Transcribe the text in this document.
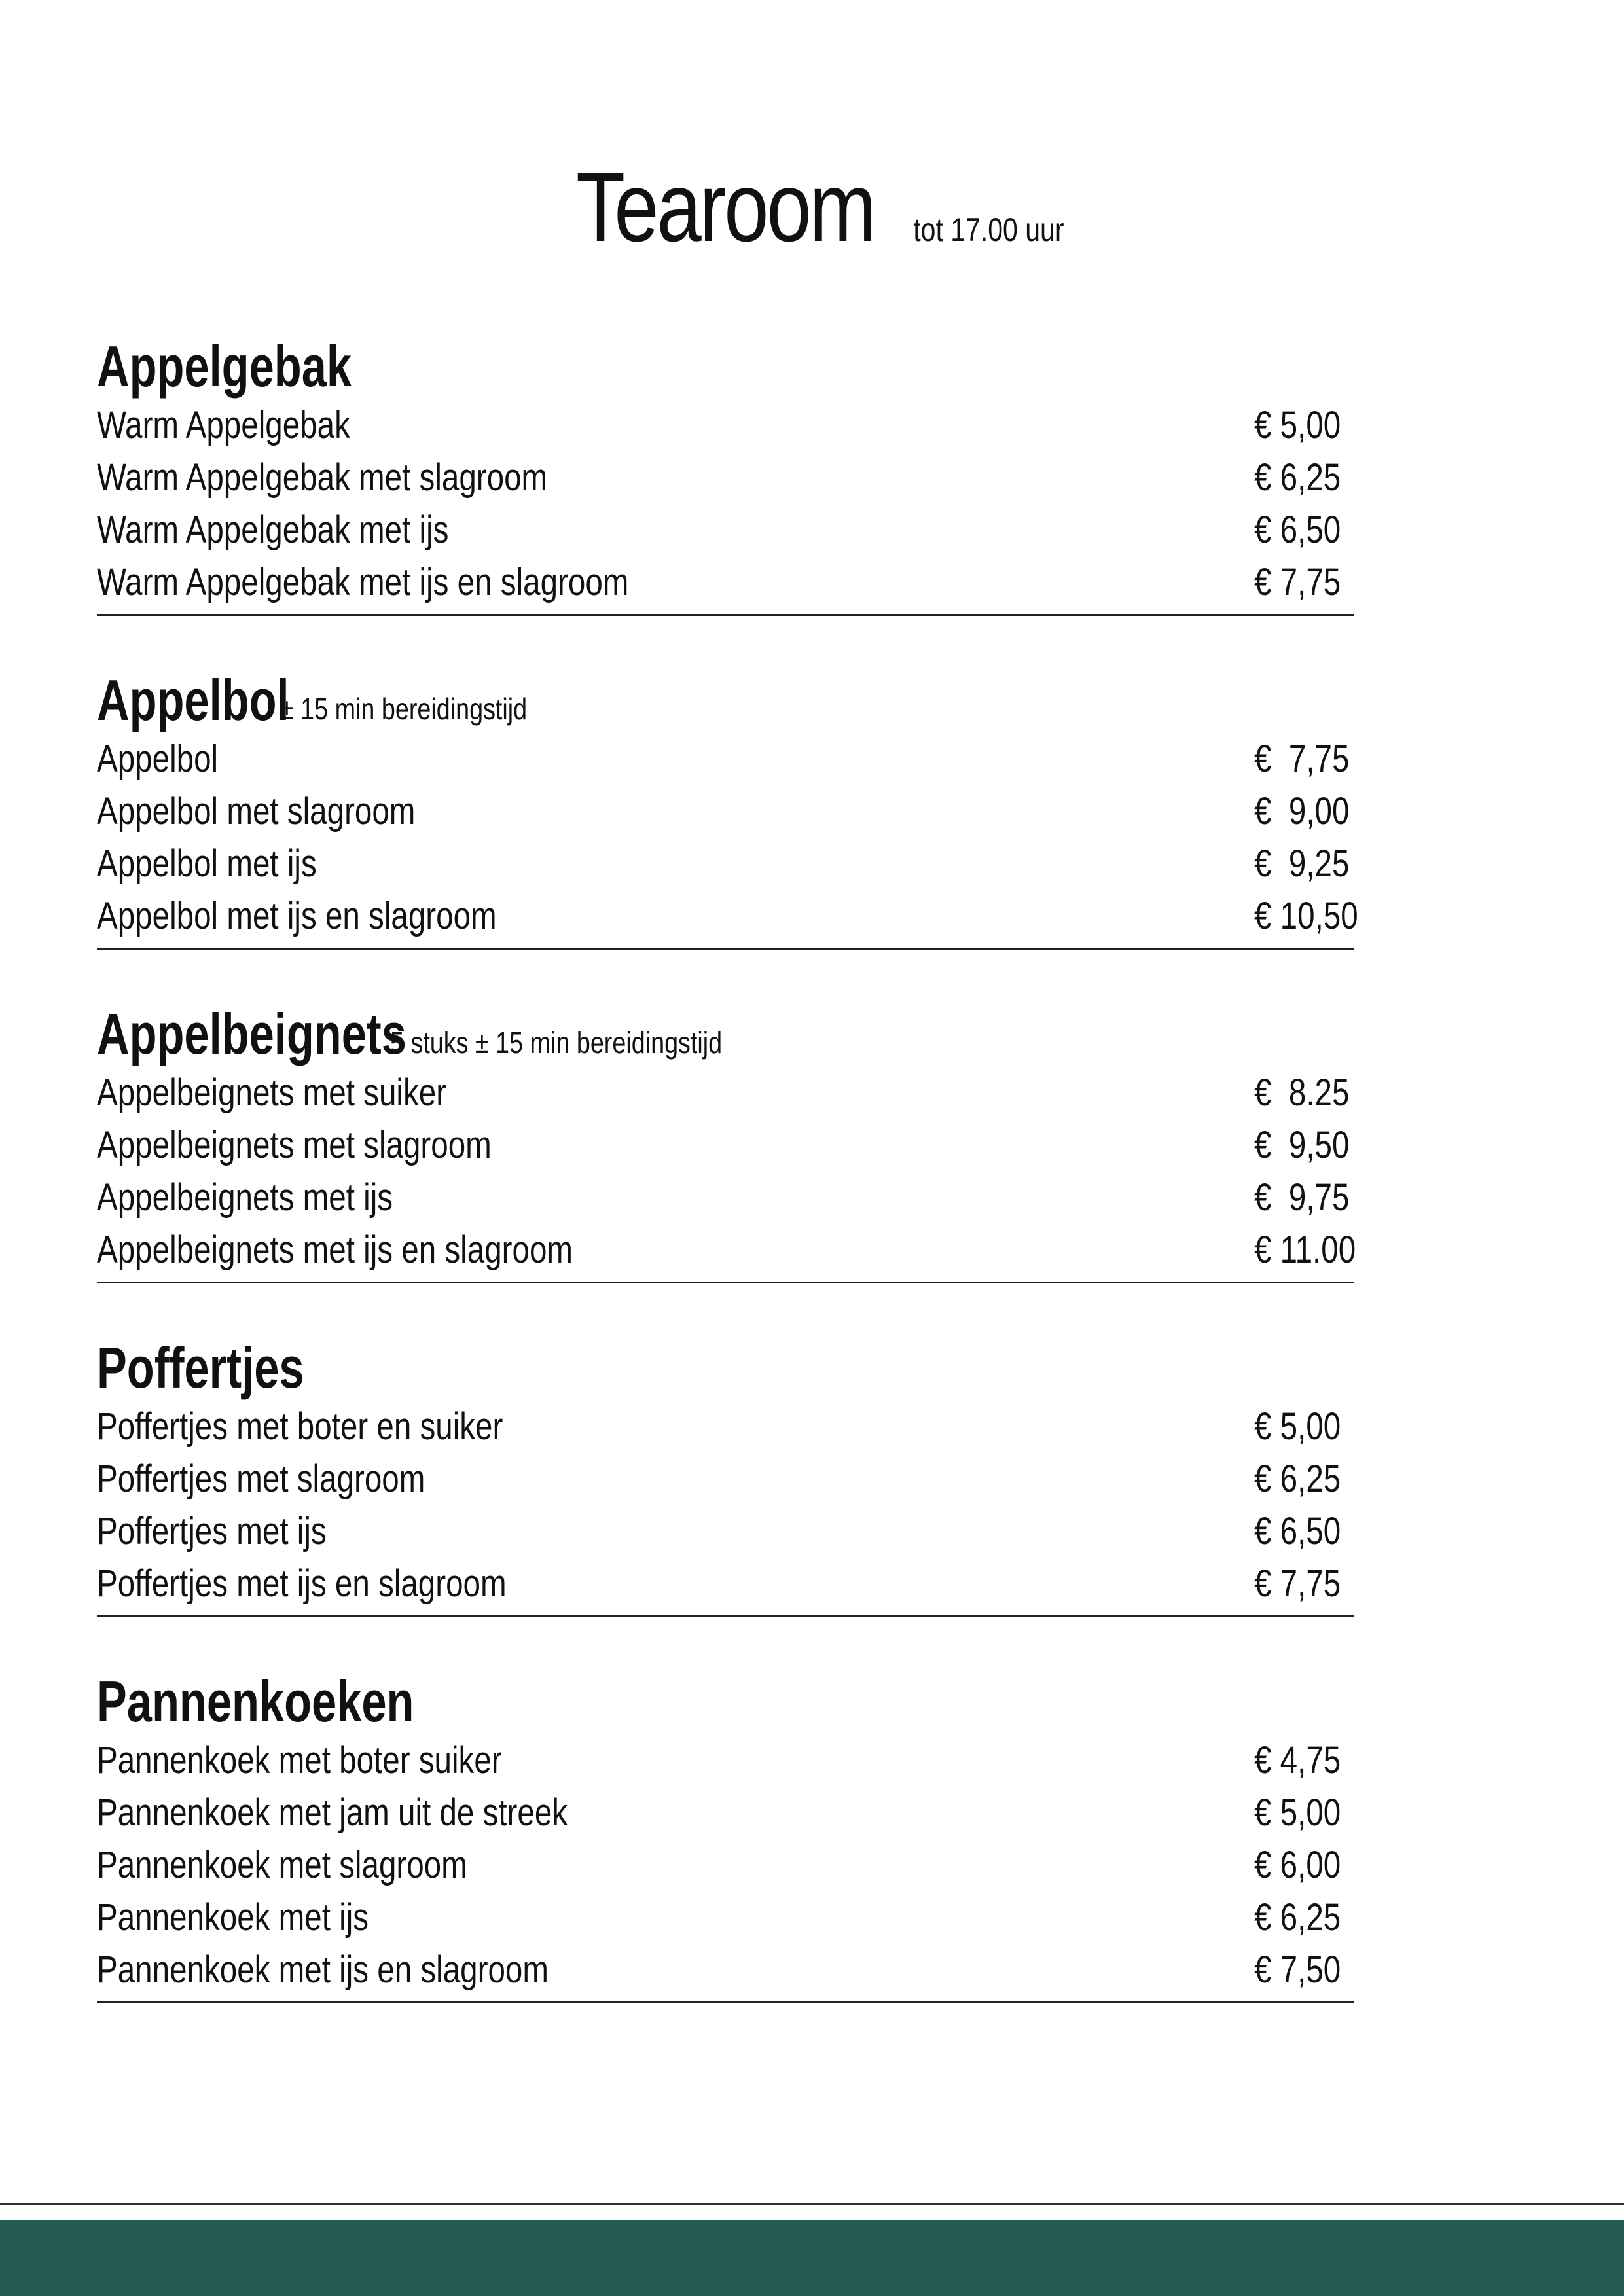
Tearoom tot 17.00 uur
Appelgebak
Warm Appelgebak	€ 5,00
Warm Appelgebak met slagroom	€ 6,25
Warm Appelgebak met ijs	€ 6,50
Warm Appelgebak met ijs en slagroom	€ 7,75
Appelbol
± 15 min bereidingstijd
Appelbol	€  7,75
Appelbol met slagroom	€  9,00
Appelbol met ijs	€  9,25
Appelbol met ijs en slagroom	€ 10,50
Appelbeignets
5 stuks ± 15 min bereidingstijd
Appelbeignets met suiker	€  8.25
Appelbeignets met slagroom	€  9,50
Appelbeignets met ijs	€  9,75
Appelbeignets met ijs en slagroom	€ 11.00
Poffertjes
Poffertjes met boter en suiker	€ 5,00
Poffertjes met slagroom	€ 6,25
Poffertjes met ijs	€ 6,50
Poffertjes met ijs en slagroom	€ 7,75
Pannenkoeken
Pannenkoek met boter suiker	€ 4,75
Pannenkoek met jam uit de streek	€ 5,00
Pannenkoek met slagroom	€ 6,00
Pannenkoek met ijs	€ 6,25
Pannenkoek met ijs en slagroom	€ 7,50
